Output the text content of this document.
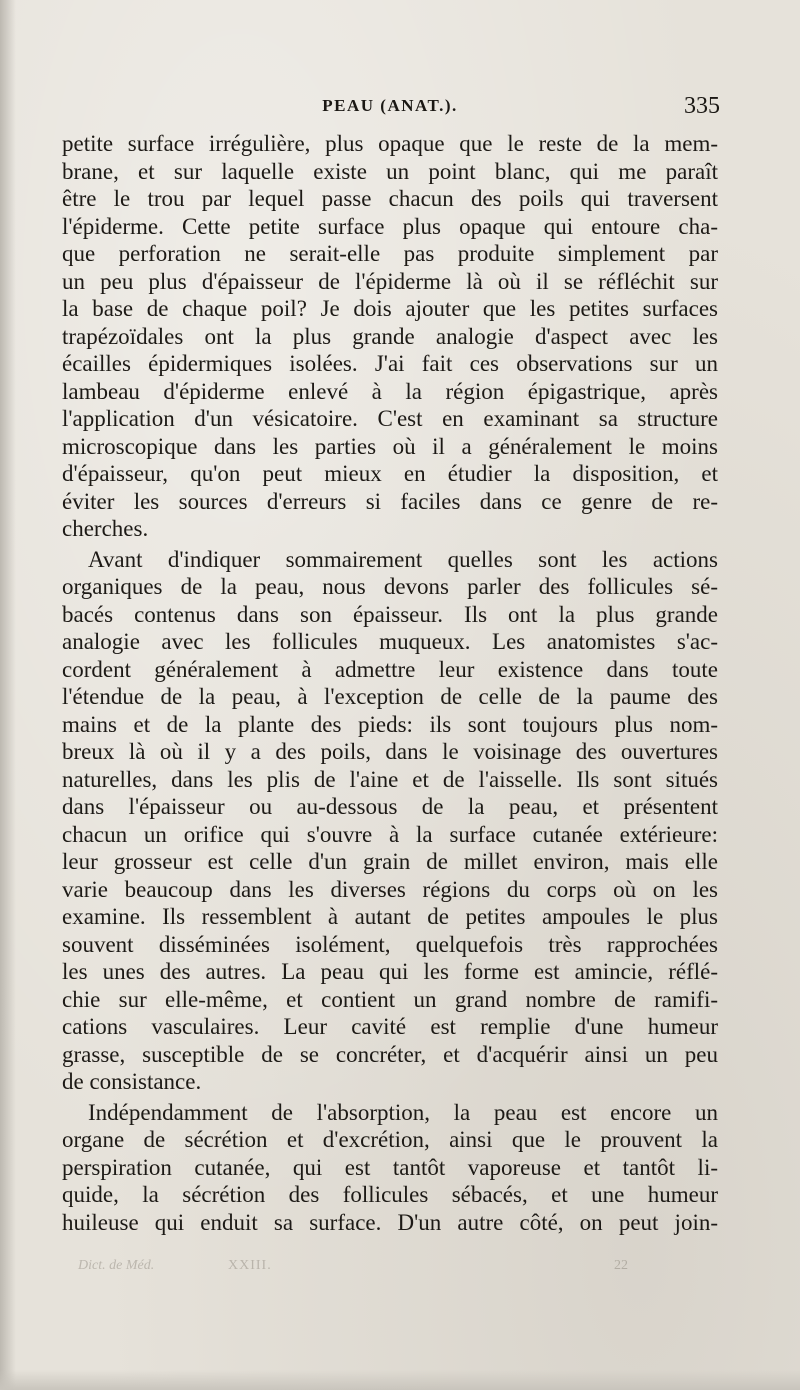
PEAU (ANAT.).	335

petite surface irrégulière, plus opaque que le reste de la mem-
brane, et sur laquelle existe un point blanc, qui me paraît
être le trou par lequel passe chacun des poils qui traversent
l'épiderme. Cette petite surface plus opaque qui entoure cha-
que perforation ne serait-elle pas produite simplement par
un peu plus d'épaisseur de l'épiderme là où il se réfléchit sur
la base de chaque poil? Je dois ajouter que les petites surfaces
trapézoïdales ont la plus grande analogie d'aspect avec les
écailles épidermiques isolées. J'ai fait ces observations sur un
lambeau d'épiderme enlevé à la région épigastrique, après
l'application d'un vésicatoire. C'est en examinant sa structure
microscopique dans les parties où il a généralement le moins
d'épaisseur, qu'on peut mieux en étudier la disposition, et
éviter les sources d'erreurs si faciles dans ce genre de re-
cherches.

Avant d'indiquer sommairement quelles sont les actions
organiques de la peau, nous devons parler des follicules sé-
bacés contenus dans son épaisseur. Ils ont la plus grande
analogie avec les follicules muqueux. Les anatomistes s'ac-
cordent généralement à admettre leur existence dans toute
l'étendue de la peau, à l'exception de celle de la paume des
mains et de la plante des pieds: ils sont toujours plus nom-
breux là où il y a des poils, dans le voisinage des ouvertures
naturelles, dans les plis de l'aine et de l'aisselle. Ils sont situés
dans l'épaisseur ou au-dessous de la peau, et présentent
chacun un orifice qui s'ouvre à la surface cutanée extérieure:
leur grosseur est celle d'un grain de millet environ, mais elle
varie beaucoup dans les diverses régions du corps où on les
examine. Ils ressemblent à autant de petites ampoules le plus
souvent disséminées isolément, quelquefois très rapprochées
les unes des autres. La peau qui les forme est amincie, réflé-
chie sur elle-même, et contient un grand nombre de ramifi-
cations vasculaires. Leur cavité est remplie d'une humeur
grasse, susceptible de se concréter, et d'acquérir ainsi un peu
de consistance.

Indépendamment de l'absorption, la peau est encore un
organe de sécrétion et d'excrétion, ainsi que le prouvent la
perspiration cutanée, qui est tantôt vaporeuse et tantôt li-
quide, la sécrétion des follicules sébacés, et une humeur
huileuse qui enduit sa surface. D'un autre côté, on peut join-

Dict. de Méd.	XXIII.	22
